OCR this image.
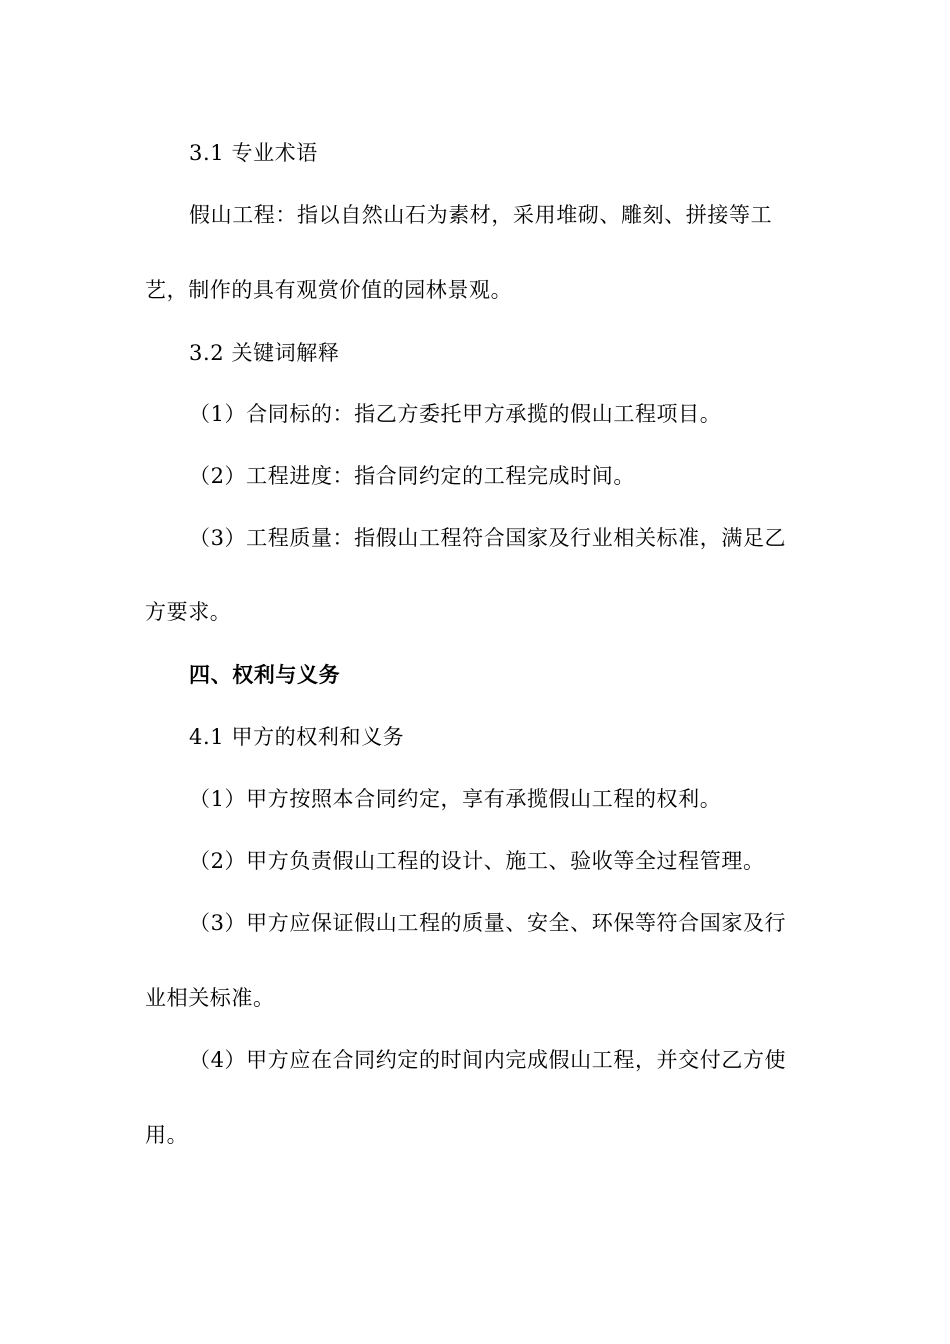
3.1 专业术语
假山工程：指以自然山石为素材，采用堆砌、雕刻、拼接等工
艺，制作的具有观赏价值的园林景观。
3.2 关键词解释
（1）合同标的：指乙方委托甲方承揽的假山工程项目。
（2）工程进度：指合同约定的工程完成时间。
（3）工程质量：指假山工程符合国家及行业相关标准，满足乙
方要求。
四、权利与义务
4.1 甲方的权利和义务
（1）甲方按照本合同约定，享有承揽假山工程的权利。
（2）甲方负责假山工程的设计、施工、验收等全过程管理。
（3）甲方应保证假山工程的质量、安全、环保等符合国家及行
业相关标准。
（4）甲方应在合同约定的时间内完成假山工程，并交付乙方使
用。
